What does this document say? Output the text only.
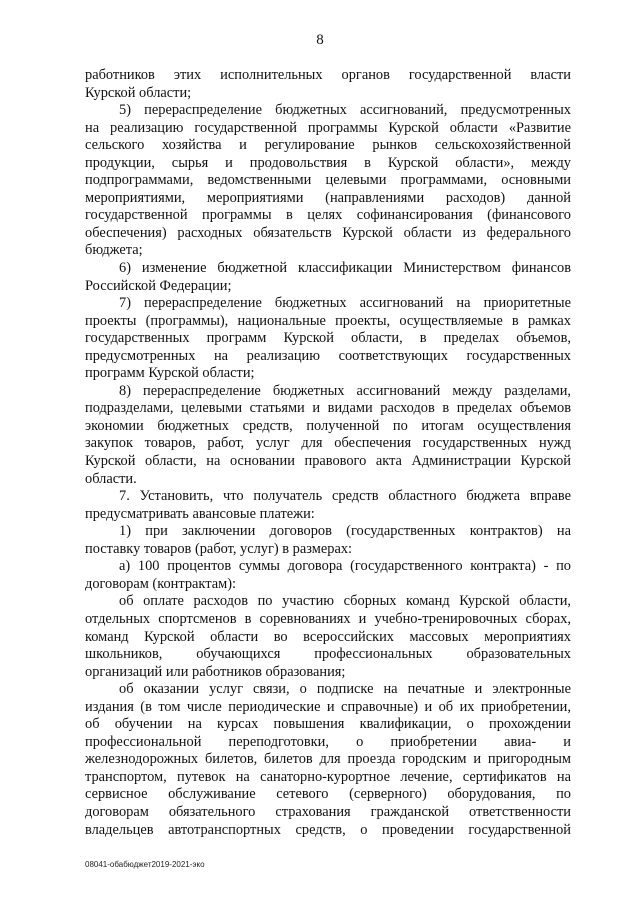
8
работников этих исполнительных органов государственной власти
Курской области;
5) перераспределение бюджетных ассигнований, предусмотренных
на реализацию государственной программы Курской области «Развитие
сельского хозяйства и регулирование рынков сельскохозяйственной
продукции, сырья и продовольствия в Курской области», между
подпрограммами, ведомственными целевыми программами, основными
мероприятиями, мероприятиями (направлениями расходов) данной
государственной программы в целях софинансирования (финансового
обеспечения) расходных обязательств Курской области из федерального
бюджета;
6) изменение бюджетной классификации Министерством финансов
Российской Федерации;
7) перераспределение бюджетных ассигнований на приоритетные
проекты (программы), национальные проекты, осуществляемые в рамках
государственных программ Курской области, в пределах объемов,
предусмотренных на реализацию соответствующих государственных
программ Курской области;
8) перераспределение бюджетных ассигнований между разделами,
подразделами, целевыми статьями и видами расходов в пределах объемов
экономии бюджетных средств, полученной по итогам осуществления
закупок товаров, работ, услуг для обеспечения государственных нужд
Курской области, на основании правового акта Администрации Курской
области.
7. Установить, что получатель средств областного бюджета вправе
предусматривать авансовые платежи:
1) при заключении договоров (государственных контрактов) на
поставку товаров (работ, услуг) в размерах:
а) 100 процентов суммы договора (государственного контракта) - по
договорам (контрактам):
об оплате расходов по участию сборных команд Курской области,
отдельных спортсменов в соревнованиях и учебно-тренировочных сборах,
команд Курской области во всероссийских массовых мероприятиях
школьников, обучающихся профессиональных образовательных
организаций или работников образования;
об оказании услуг связи, о подписке на печатные и электронные
издания (в том числе периодические и справочные) и об их приобретении,
об обучении на курсах повышения квалификации, о прохождении
профессиональной переподготовки, о приобретении авиа- и
железнодорожных билетов, билетов для проезда городским и пригородным
транспортом, путевок на санаторно-курортное лечение, сертификатов на
сервисное обслуживание сетевого (серверного) оборудования, по
договорам обязательного страхования гражданской ответственности
владельцев автотранспортных средств, о проведении государственной
08041-обабюджет2019-2021-эко
